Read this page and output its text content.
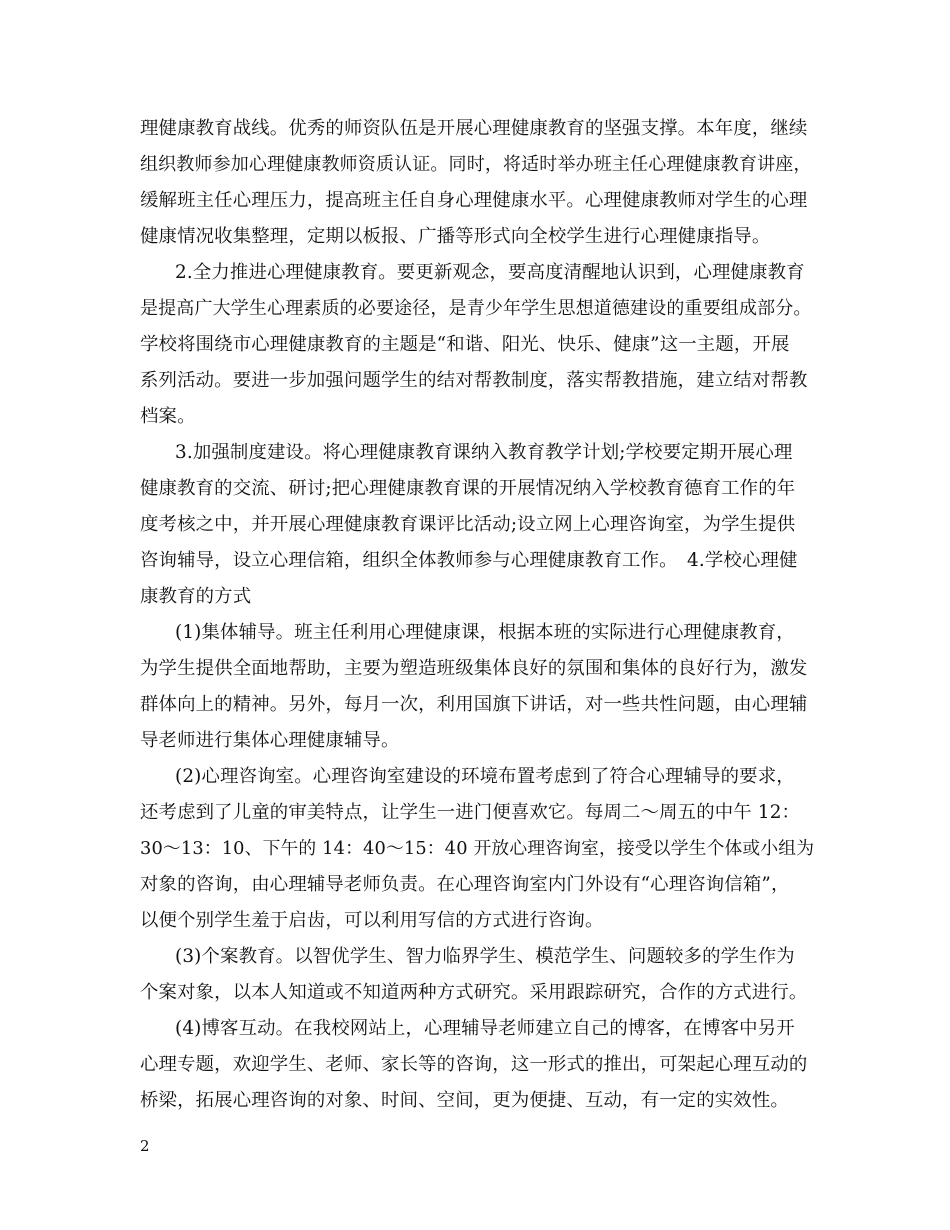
理健康教育战线。优秀的师资队伍是开展心理健康教育的坚强支撑。本年度，继续
组织教师参加心理健康教师资质认证。同时，将适时举办班主任心理健康教育讲座，
缓解班主任心理压力，提高班主任自身心理健康水平。心理健康教师对学生的心理
健康情况收集整理，定期以板报、广播等形式向全校学生进行心理健康指导。
2.全力推进心理健康教育。要更新观念，要高度清醒地认识到，心理健康教育
是提高广大学生心理素质的必要途径，是青少年学生思想道德建设的重要组成部分。
学校将围绕市心理健康教育的主题是“和谐、阳光、快乐、健康”这一主题，开展
系列活动。要进一步加强问题学生的结对帮教制度，落实帮教措施，建立结对帮教
档案。
3.加强制度建设。将心理健康教育课纳入教育教学计划;学校要定期开展心理
健康教育的交流、研讨;把心理健康教育课的开展情况纳入学校教育德育工作的年
度考核之中，并开展心理健康教育课评比活动;设立网上心理咨询室，为学生提供
咨询辅导，设立心理信箱，组织全体教师参与心理健康教育工作。　4.学校心理健
康教育的方式
(1)集体辅导。班主任利用心理健康课，根据本班的实际进行心理健康教育，
为学生提供全面地帮助，主要为塑造班级集体良好的氛围和集体的良好行为，激发
群体向上的精神。另外，每月一次，利用国旗下讲话，对一些共性问题，由心理辅
导老师进行集体心理健康辅导。
(2)心理咨询室。心理咨询室建设的环境布置考虑到了符合心理辅导的要求，
还考虑到了儿童的审美特点，让学生一进门便喜欢它。每周二～周五的中午 12：
30～13：10、下午的 14：40～15：40 开放心理咨询室，接受以学生个体或小组为
对象的咨询，由心理辅导老师负责。在心理咨询室内门外设有“心理咨询信箱”，
以便个别学生羞于启齿，可以利用写信的方式进行咨询。
(3)个案教育。以智优学生、智力临界学生、模范学生、问题较多的学生作为
个案对象，以本人知道或不知道两种方式研究。采用跟踪研究，合作的方式进行。
(4)博客互动。在我校网站上，心理辅导老师建立自己的博客，在博客中另开
心理专题，欢迎学生、老师、家长等的咨询，这一形式的推出，可架起心理互动的
桥梁，拓展心理咨询的对象、时间、空间，更为便捷、互动，有一定的实效性。
2
